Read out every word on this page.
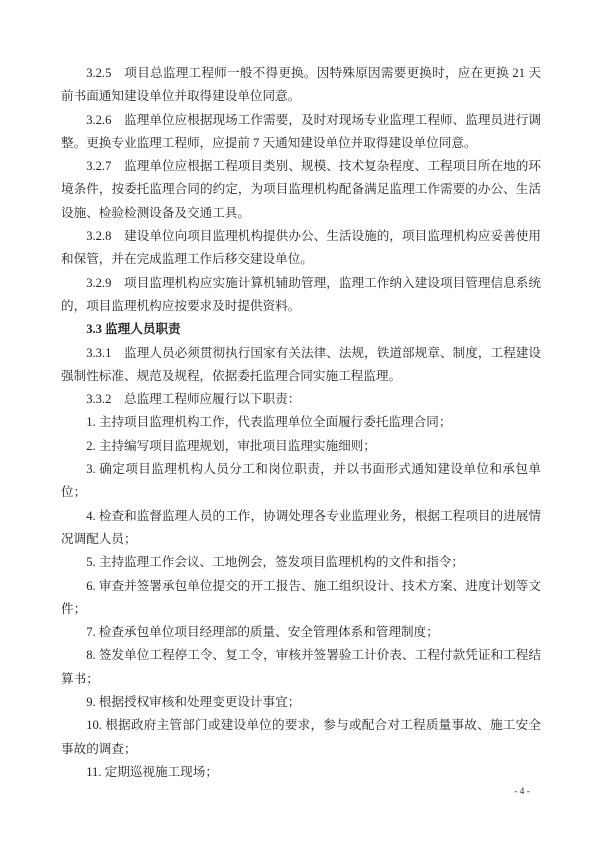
3.2.5　项目总监理工程师一般不得更换。因特殊原因需要更换时，应在更换 21 天前书面通知建设单位并取得建设单位同意。

3.2.6　监理单位应根据现场工作需要，及时对现场专业监理工程师、监理员进行调整。更换专业监理工程师，应提前 7 天通知建设单位并取得建设单位同意。

3.2.7　监理单位应根据工程项目类别、规模、技术复杂程度、工程项目所在地的环境条件，按委托监理合同的约定，为项目监理机构配备满足监理工作需要的办公、生活设施、检验检测设备及交通工具。

3.2.8　建设单位向项目监理机构提供办公、生活设施的，项目监理机构应妥善使用和保管，并在完成监理工作后移交建设单位。

3.2.9　项目监理机构应实施计算机辅助管理，监理工作纳入建设项目管理信息系统的，项目监理机构应按要求及时提供资料。

3.3 监理人员职责

3.3.1　监理人员必须贯彻执行国家有关法律、法规，铁道部规章、制度，工程建设强制性标准、规范及规程，依据委托监理合同实施工程监理。

3.3.2　总监理工程师应履行以下职责：

1. 主持项目监理机构工作，代表监理单位全面履行委托监理合同；

2. 主持编写项目监理规划，审批项目监理实施细则；

3. 确定项目监理机构人员分工和岗位职责，并以书面形式通知建设单位和承包单位；

4. 检查和监督监理人员的工作，协调处理各专业监理业务，根据工程项目的进展情况调配人员；

5. 主持监理工作会议、工地例会，签发项目监理机构的文件和指令；

6. 审查并签署承包单位提交的开工报告、施工组织设计、技术方案、进度计划等文件；

7. 检查承包单位项目经理部的质量、安全管理体系和管理制度；

8. 签发单位工程停工令、复工令，审核并签署验工计价表、工程付款凭证和工程结算书；

9. 根据授权审核和处理变更设计事宜；

10. 根据政府主管部门或建设单位的要求，参与或配合对工程质量事故、施工安全事故的调查；

11. 定期巡视施工现场；

- 4 -
